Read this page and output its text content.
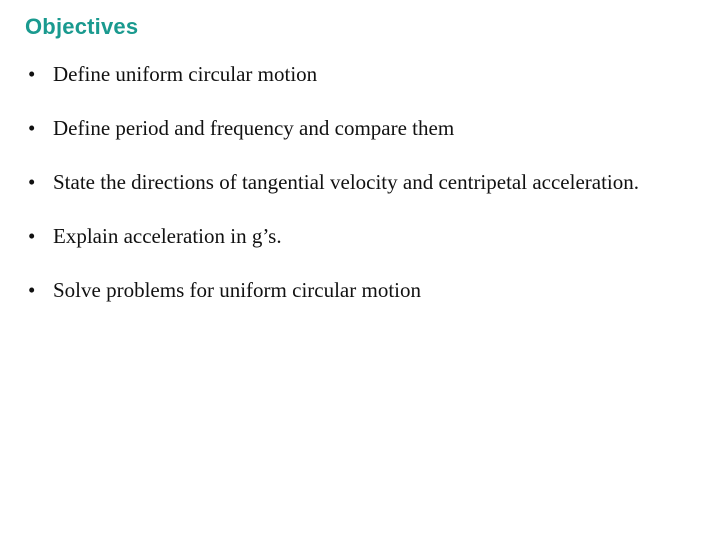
Objectives
• Define uniform circular motion
• Define period and frequency and compare them
• State the directions of tangential velocity and centripetal acceleration.
• Explain acceleration in g’s.
• Solve problems for uniform circular motion
